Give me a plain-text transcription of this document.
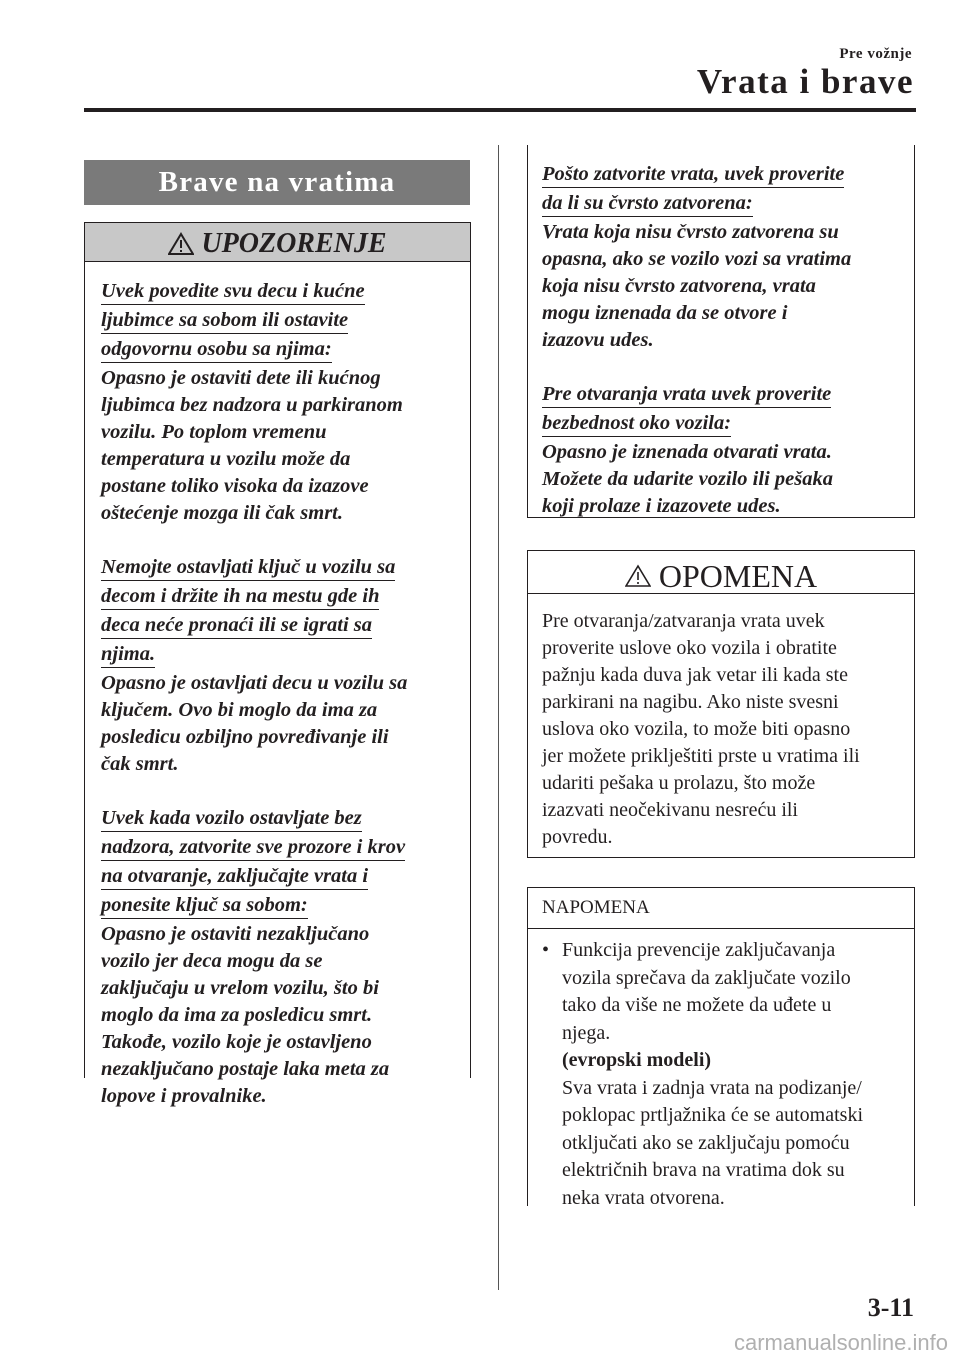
Pre vožnje
Vrata i brave
Brave na vratima
UPOZORENJE
Uvek povedite svu decu i kućne
ljubimce sa sobom ili ostavite
odgovornu osobu sa njima:
Opasno je ostaviti dete ili kućnog
ljubimca bez nadzora u parkiranom
vozilu. Po toplom vremenu
temperatura u vozilu može da
postane toliko visoka da izazove
oštećenje mozga ili čak smrt.
Nemojte ostavljati ključ u vozilu sa
decom i držite ih na mestu gde ih
deca neće pronaći ili se igrati sa
njima.
Opasno je ostavljati decu u vozilu sa
ključem. Ovo bi moglo da ima za
posledicu ozbiljno povređivanje ili
čak smrt.
Uvek kada vozilo ostavljate bez
nadzora, zatvorite sve prozore i krov
na otvaranje, zaključajte vrata i
ponesite ključ sa sobom:
Opasno je ostaviti nezaključano
vozilo jer deca mogu da se
zaključaju u vrelom vozilu, što bi
moglo da ima za posledicu smrt.
Takođe, vozilo koje je ostavljeno
nezaključano postaje laka meta za
lopove i provalnike.
Pošto zatvorite vrata, uvek proverite
da li su čvrsto zatvorena:
Vrata koja nisu čvrsto zatvorena su
opasna, ako se vozilo vozi sa vratima
koja nisu čvrsto zatvorena, vrata
mogu iznenada da se otvore i
izazovu udes.
Pre otvaranja vrata uvek proverite
bezbednost oko vozila:
Opasno je iznenada otvarati vrata.
Možete da udarite vozilo ili pešaka
koji prolaze i izazovete udes.
OPOMENA
Pre otvaranja/zatvaranja vrata uvek
proverite uslove oko vozila i obratite
pažnju kada duva jak vetar ili kada ste
parkirani na nagibu. Ako niste svesni
uslova oko vozila, to može biti opasno
jer možete priklještiti prste u vratima ili
udariti pešaka u prolazu, što može
izazvati neočekivanu nesreću ili
povredu.
NAPOMENA
• Funkcija prevencije zaključavanja
vozila sprečava da zaključate vozilo
tako da više ne možete da uđete u
njega.
(evropski modeli)
Sva vrata i zadnja vrata na podizanje/
poklopac prtljažnika će se automatski
otključati ako se zaključaju pomoću
električnih brava na vratima dok su
neka vrata otvorena.
3-11
carmanualsonline.info
